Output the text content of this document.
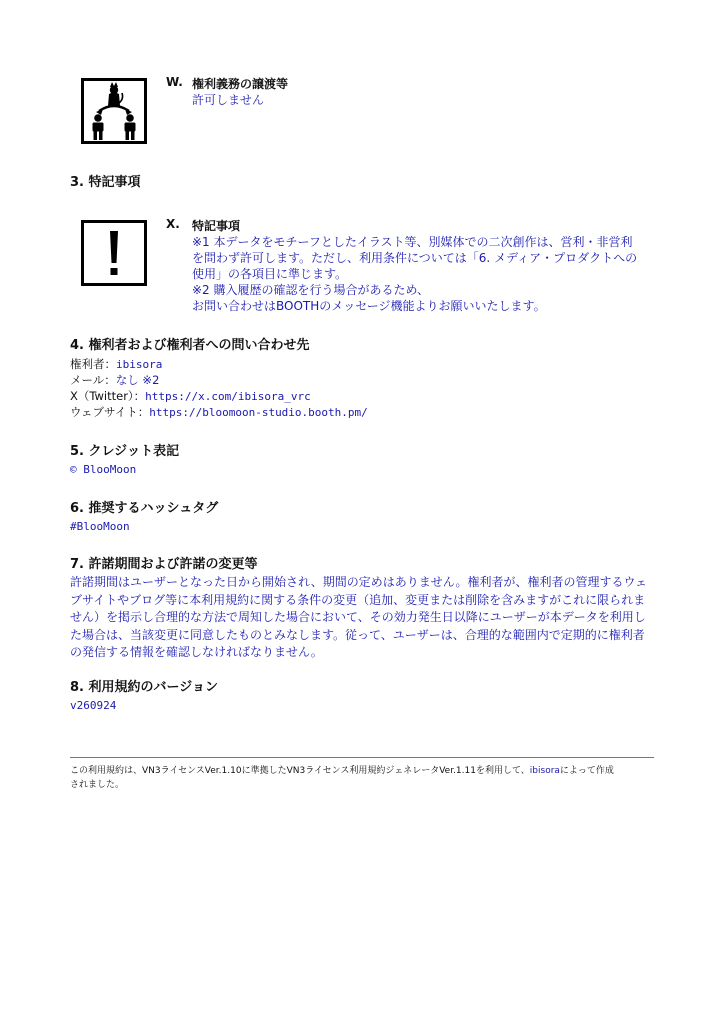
W. 権利義務の譲渡等
許可しません
3. 特記事項
X. 特記事項
※1 本データをモチーフとしたイラスト等、別媒体での二次創作は、営利・非営利
を問わず許可します。ただし、利用条件については「6. メディア・プロダクトへの
使用」の各項目に準じます。
※2 購入履歴の確認を行う場合があるため、
お問い合わせはBOOTHのメッセージ機能よりお願いいたします。
4. 権利者および権利者への問い合わせ先
権利者：ibisora
メール：なし ※2
X（Twitter）：https://x.com/ibisora_vrc
ウェブサイト：https://bloomoon-studio.booth.pm/
5. クレジット表記
© BlooMoon
6. 推奨するハッシュタグ
#BlooMoon
7. 許諾期間および許諾の変更等
許諾期間はユーザーとなった日から開始され、期間の定めはありません。権利者が、権利者の管理するウェ
ブサイトやブログ等に本利用規約に関する条件の変更（追加、変更または削除を含みますがこれに限られま
せん）を掲示し合理的な方法で周知した場合において、その効力発生日以降にユーザーが本データを利用し
た場合は、当該変更に同意したものとみなします。従って、ユーザーは、合理的な範囲内で定期的に権利者
の発信する情報を確認しなければなりません。
8. 利用規約のバージョン
v260924
この利用規約は、VN3ライセンスVer.1.10に準拠したVN3ライセンス利用規約ジェネレータVer.1.11を利用して、ibisoraによって作成
されました。
